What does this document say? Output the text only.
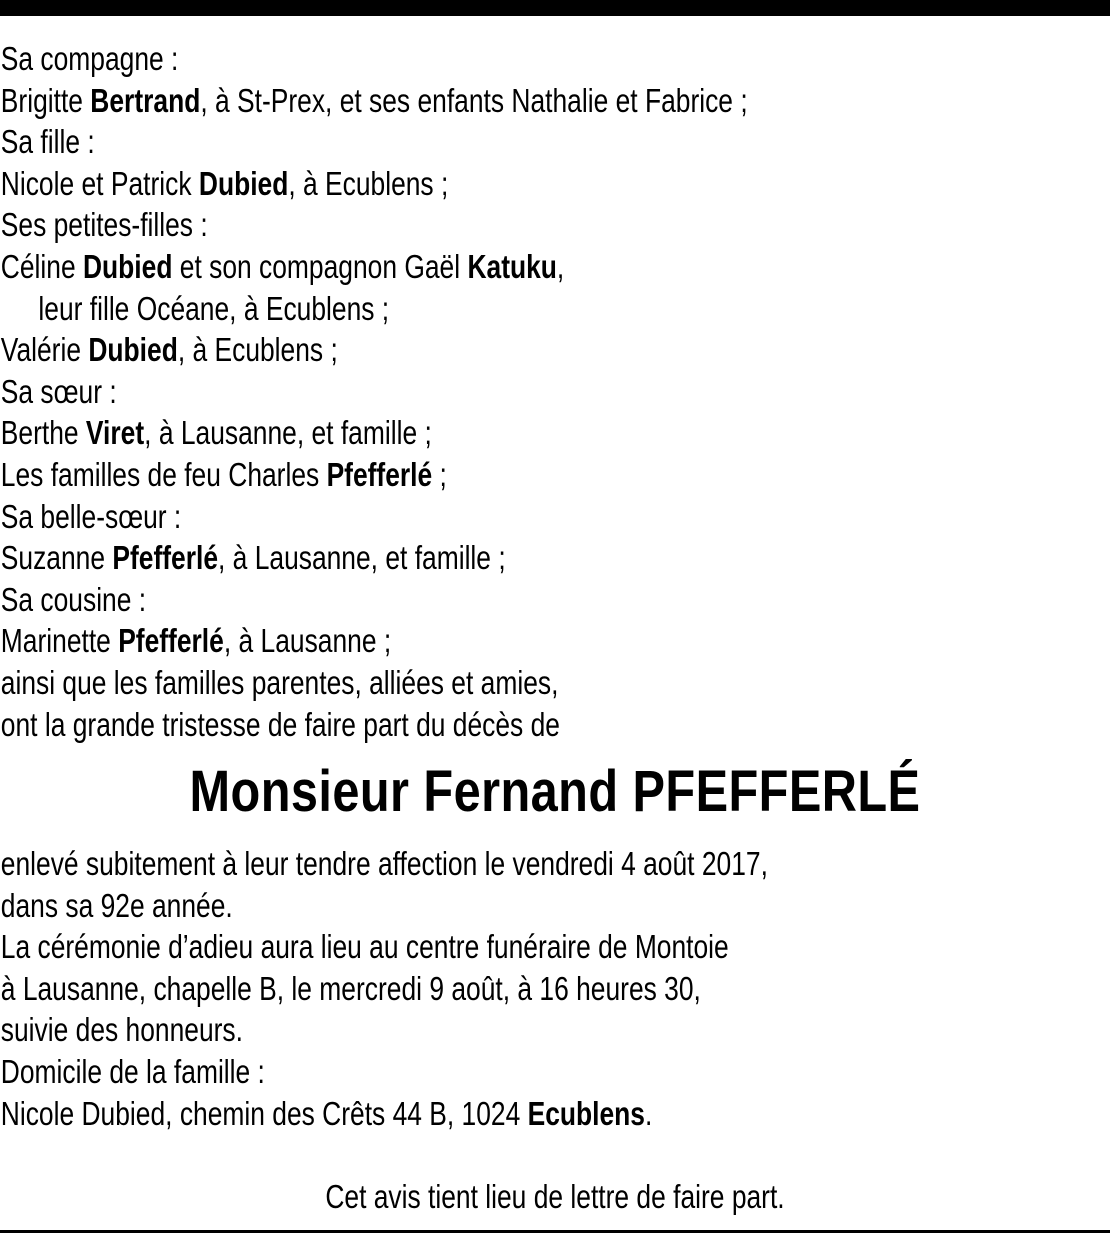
Sa compagne :
Brigitte Bertrand, à St-Prex, et ses enfants Nathalie et Fabrice ;
Sa fille :
Nicole et Patrick Dubied, à Ecublens ;
Ses petites-filles :
Céline Dubied et son compagnon Gaël Katuku,
leur fille Océane, à Ecublens ;
Valérie Dubied, à Ecublens ;
Sa sœur :
Berthe Viret, à Lausanne, et famille ;
Les familles de feu Charles Pfefferlé ;
Sa belle-sœur :
Suzanne Pfefferlé, à Lausanne, et famille ;
Sa cousine :
Marinette Pfefferlé, à Lausanne ;
ainsi que les familles parentes, alliées et amies,
ont la grande tristesse de faire part du décès de
Monsieur Fernand PFEFFERLÉ
enlevé subitement à leur tendre affection le vendredi 4 août 2017,
dans sa 92e année.
La cérémonie d’adieu aura lieu au centre funéraire de Montoie
à Lausanne, chapelle B, le mercredi 9 août, à 16 heures 30,
suivie des honneurs.
Domicile de la famille :
Nicole Dubied, chemin des Crêts 44 B, 1024 Ecublens.
Cet avis tient lieu de lettre de faire part.
